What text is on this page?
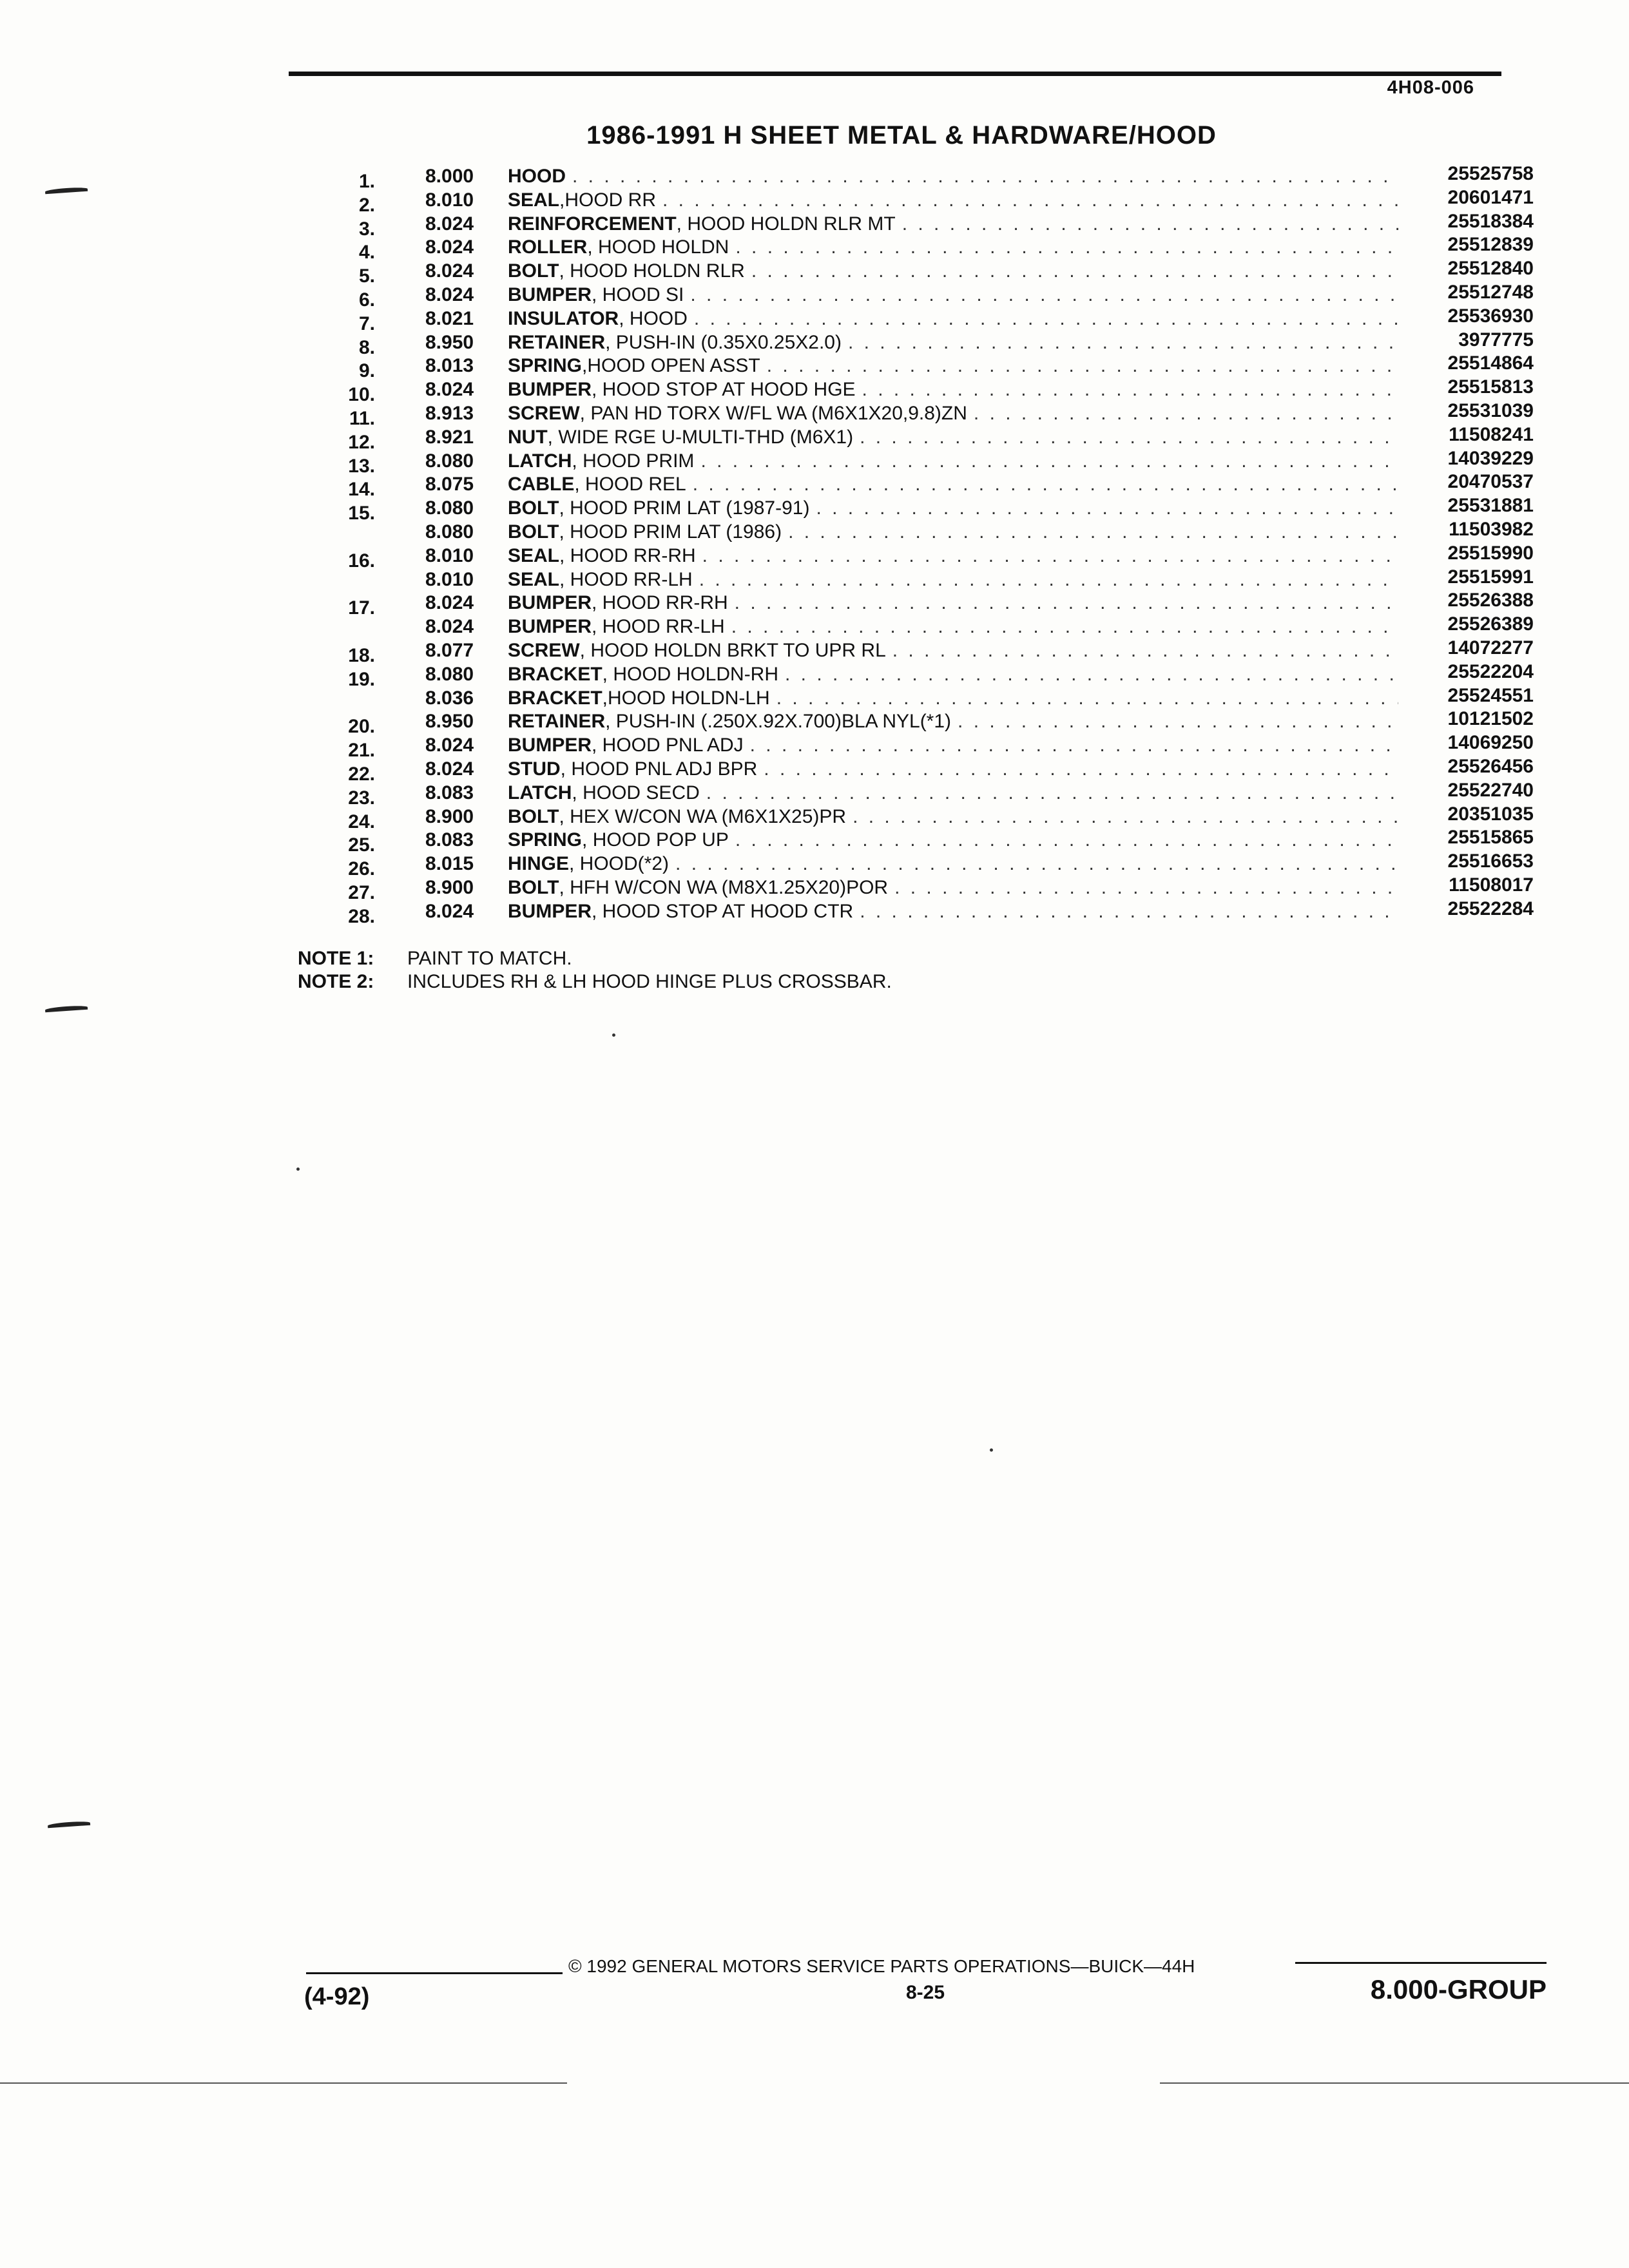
4H08-006
1986-1991 H SHEET METAL & HARDWARE/HOOD
1.	8.000	HOOD . . .	25525758
2.	8.010	SEAL ,HOOD RR . . .	20601471
3.	8.024	REINFORCEMENT , HOOD HOLDN RLR MT . . .	25518384
4.	8.024	ROLLER , HOOD HOLDN . . .	25512839
5.	8.024	BOLT , HOOD HOLDN RLR . . .	25512840
6.	8.024	BUMPER , HOOD SI . . .	25512748
7.	8.021	INSULATOR , HOOD . . .	25536930
8.	8.950	RETAINER , PUSH-IN (0.35X0.25X2.0) . . .	3977775
9.	8.013	SPRING ,HOOD OPEN ASST . . .	25514864
10.	8.024	BUMPER , HOOD STOP AT HOOD HGE . . .	25515813
11.	8.913	SCREW , PAN HD TORX W/FL WA (M6X1X20,9.8)ZN . . .	25531039
12.	8.921	NUT , WIDE RGE U-MULTI-THD (M6X1) . . .	11508241
13.	8.080	LATCH , HOOD PRIM . . .	14039229
14.	8.075	CABLE , HOOD REL . . .	20470537
15.	8.080	BOLT , HOOD PRIM LAT (1987-91) . . .	25531881
8.080	BOLT , HOOD PRIM LAT (1986) . . .	11503982
16.	8.010	SEAL , HOOD RR-RH . . .	25515990
8.010	SEAL , HOOD RR-LH . . .	25515991
17.	8.024	BUMPER , HOOD RR-RH . . .	25526388
8.024	BUMPER , HOOD RR-LH . . .	25526389
18.	8.077	SCREW , HOOD HOLDN BRKT TO UPR RL . . .	14072277
19.	8.080	BRACKET , HOOD HOLDN-RH . . .	25522204
8.036	BRACKET ,HOOD HOLDN-LH . . .	25524551
20.	8.950	RETAINER , PUSH-IN (.250X.92X.700)BLA NYL(*1) . . .	10121502
21.	8.024	BUMPER , HOOD PNL ADJ . . .	14069250
22.	8.024	STUD , HOOD PNL ADJ BPR . . .	25526456
23.	8.083	LATCH , HOOD SECD . . .	25522740
24.	8.900	BOLT , HEX W/CON WA (M6X1X25)PR . . .	20351035
25.	8.083	SPRING , HOOD POP UP . . .	25515865
26.	8.015	HINGE , HOOD(*2) . . .	25516653
27.	8.900	BOLT , HFH W/CON WA (M8X1.25X20)POR . . .	11508017
28.	8.024	BUMPER , HOOD STOP AT HOOD CTR . . .	25522284
NOTE 1: PAINT TO MATCH.
NOTE 2: INCLUDES RH & LH HOOD HINGE PLUS CROSSBAR.
(4-92)
© 1992 GENERAL MOTORS SERVICE PARTS OPERATIONS—BUICK—44H
8-25	8.000-GROUP
